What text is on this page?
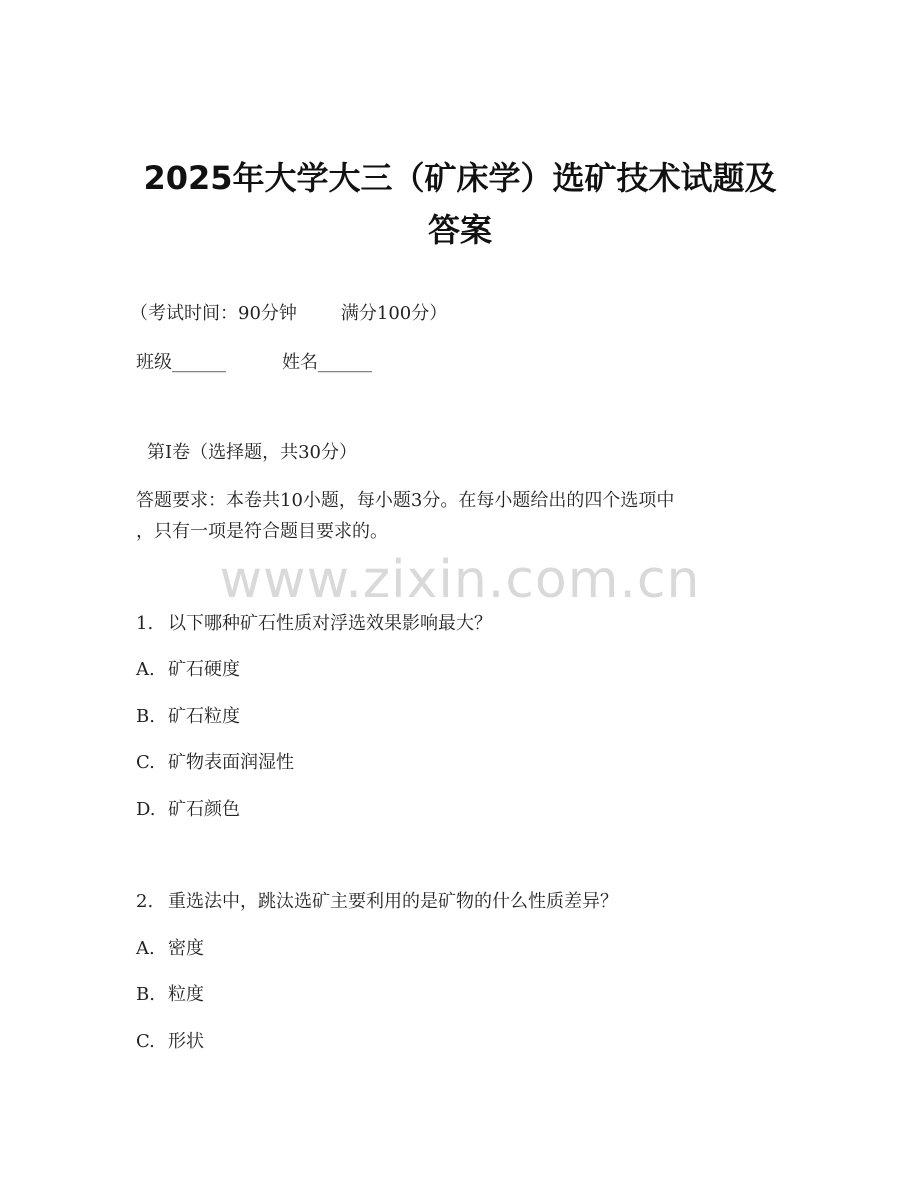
2025年大学大三（矿床学）选矿技术试题及
答案
（考试时间：90分钟 满分100分）
班级______	姓名______
第Ⅰ卷（选择题，共30分）
答题要求：本卷共10小题，每小题3分。在每小题给出的四个选项中
，只有一项是符合题目要求的。
www.zixin.com.cn
1. 以下哪种矿石性质对浮选效果影响最大？
A. 矿石硬度
B. 矿石粒度
C. 矿物表面润湿性
D. 矿石颜色
2. 重选法中，跳汰选矿主要利用的是矿物的什么性质差异？
A. 密度
B. 粒度
C. 形状
